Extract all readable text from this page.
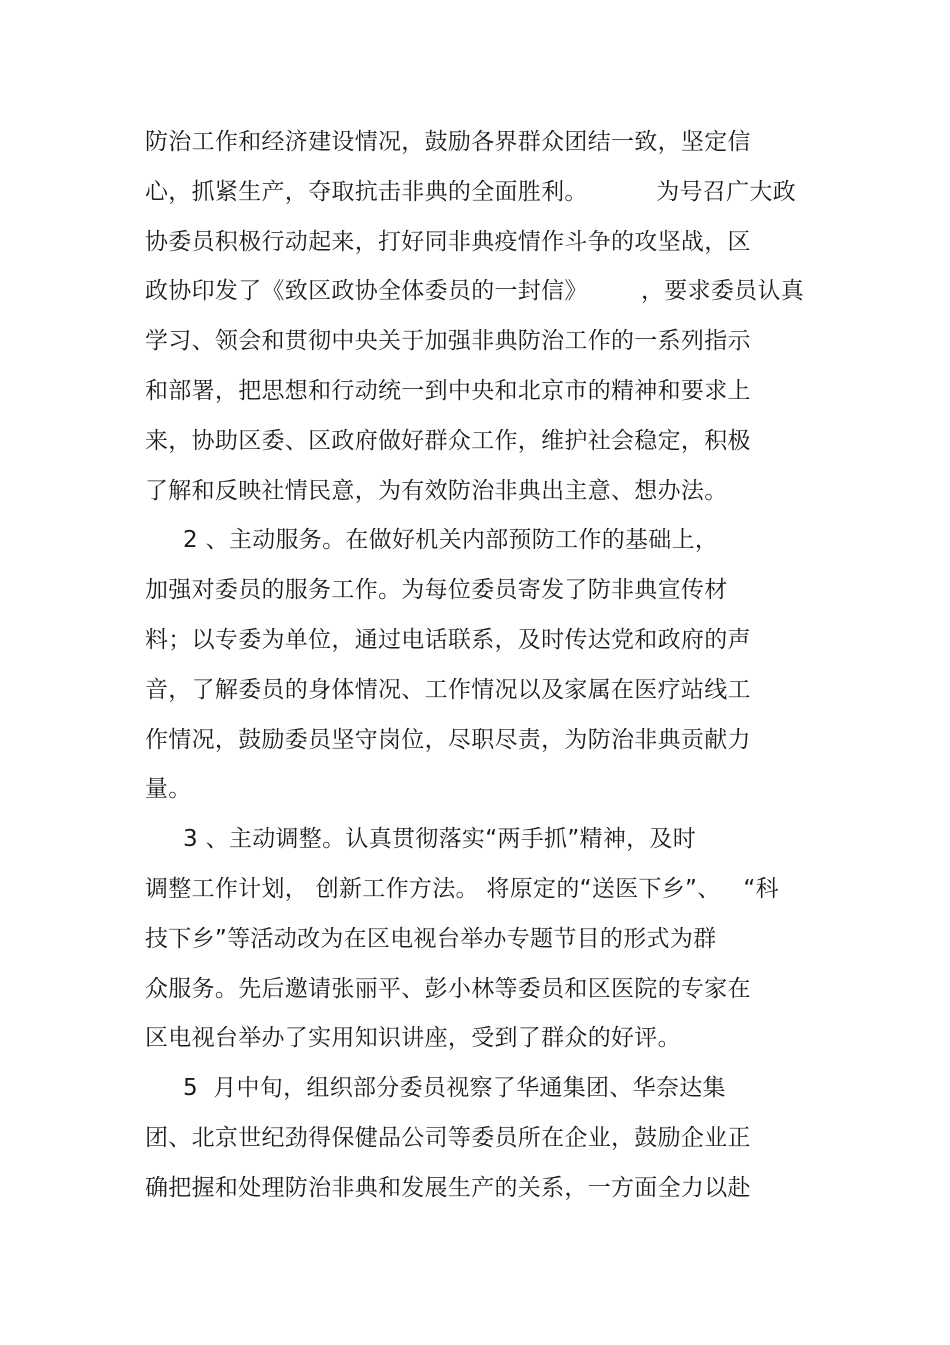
防治工作和经济建设情况，鼓励各界群众团结一致，坚定信
心，抓紧生产，夺取抗击非典的全面胜利。         为号召广大政
协委员积极行动起来，打好同非典疫情作斗争的攻坚战，区
政协印发了《致区政协全体委员的一封信》       ，要求委员认真
学习、领会和贯彻中央关于加强非典防治工作的一系列指示
和部署，把思想和行动统一到中央和北京市的精神和要求上
来，协助区委、区政府做好群众工作，维护社会稳定，积极
了解和反映社情民意，为有效防治非典出主意、想办法。
2 、主动服务。在做好机关内部预防工作的基础上，
加强对委员的服务工作。为每位委员寄发了防非典宣传材
料；以专委为单位，通过电话联系，及时传达党和政府的声
音，了解委员的身体情况、工作情况以及家属在医疗站线工
作情况，鼓励委员坚守岗位，尽职尽责，为防治非典贡献力
量。
3 、主动调整。认真贯彻落实“两手抓”精神，及时
调整工作计划， 创新工作方法。 将原定的“送医下乡”、   “科
技下乡”等活动改为在区电视台举办专题节目的形式为群
众服务。先后邀请张丽平、彭小林等委员和区医院的专家在
区电视台举办了实用知识讲座，受到了群众的好评。
5  月中旬，组织部分委员视察了华通集团、华奈达集
团、北京世纪劲得保健品公司等委员所在企业，鼓励企业正
确把握和处理防治非典和发展生产的关系，一方面全力以赴
